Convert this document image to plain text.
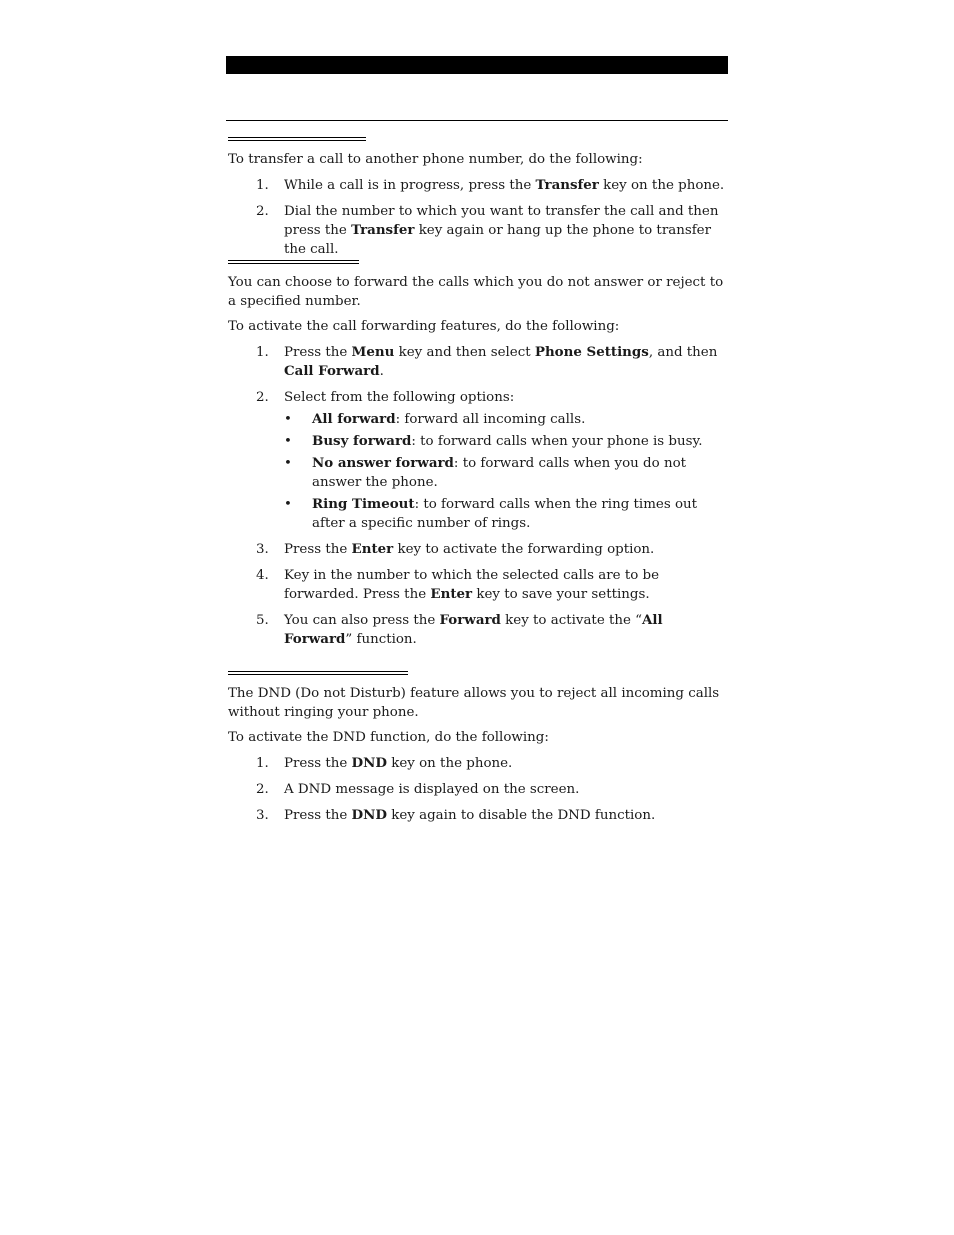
To transfer a call to another phone number, do the following:

1. While a call is in progress, press the Transfer key on the phone.
2. Dial the number to which you want to transfer the call and then press the Transfer key again or hang up the phone to transfer the call.

You can choose to forward the calls which you do not answer or reject to a specified number.

To activate the call forwarding features, do the following:

1. Press the Menu key and then select Phone Settings, and then Call Forward.
2. Select from the following options:
• All forward: forward all incoming calls.
• Busy forward: to forward calls when your phone is busy.
• No answer forward: to forward calls when you do not answer the phone.
• Ring Timeout: to forward calls when the ring times out after a specific number of rings.
3. Press the Enter key to activate the forwarding option.
4. Key in the number to which the selected calls are to be forwarded. Press the Enter key to save your settings.
5. You can also press the Forward key to activate the “All Forward” function.

The DND (Do not Disturb) feature allows you to reject all incoming calls without ringing your phone.

To activate the DND function, do the following:

1. Press the DND key on the phone.
2. A DND message is displayed on the screen.
3. Press the DND key again to disable the DND function.
